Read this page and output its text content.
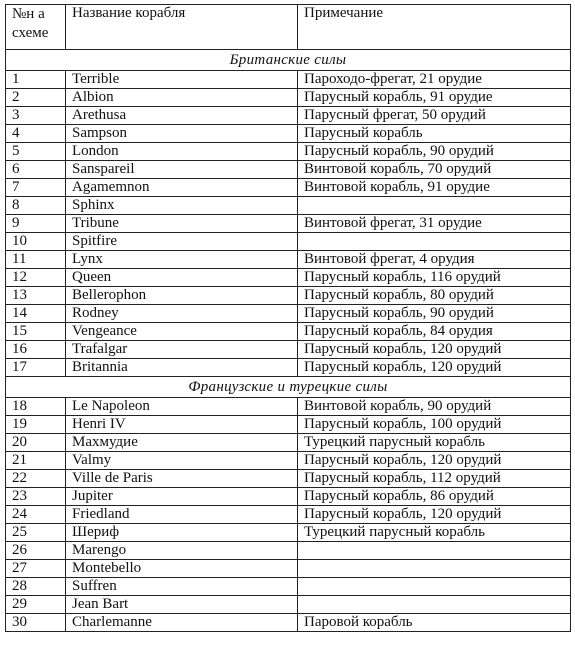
№н а схеме	Название корабля	Примечание
Британские силы		
1	Terrible	Пароходо-фрегат, 21 орудие
2	Albion	Парусный корабль, 91 орудие
3	Arethusa	Парусный фрегат, 50 орудий
4	Sampson	Парусный корабль
5	London	Парусный корабль, 90 орудий
6	Sanspareil	Винтовой корабль, 70 орудий
7	Agamemnon	Винтовой корабль, 91 орудие
8	Sphinx	
9	Tribune	Винтовой фрегат, 31 орудие
10	Spitfire	
11	Lynx	Винтовой фрегат, 4 орудия
12	Queen	Парусный корабль, 116 орудий
13	Bellerophon	Парусный корабль, 80 орудий
14	Rodney	Парусный корабль, 90 орудий
15	Vengeance	Парусный корабль, 84 орудия
16	Trafalgar	Парусный корабль, 120 орудий
17	Britannia	Парусный корабль, 120 орудий
Французские и турецкие силы		
18	Le Napoleon	Винтовой корабль, 90 орудий
19	Henri IV	Парусный корабль, 100 орудий
20	Махмудие	Турецкий парусный корабль
21	Valmy	Парусный корабль, 120 орудий
22	Ville de Paris	Парусный корабль, 112 орудий
23	Jupiter	Парусный корабль, 86 орудий
24	Friedland	Парусный корабль, 120 орудий
25	Шериф	Турецкий парусный корабль
26	Marengo	
27	Montebello	
28	Suffren	
29	Jean Bart	
30	Charlemanne	Паровой корабль
